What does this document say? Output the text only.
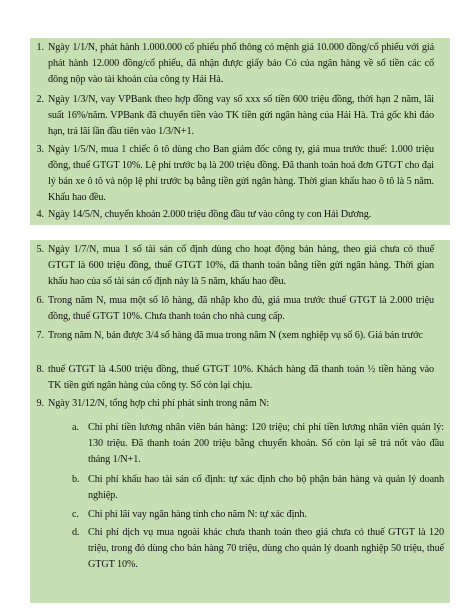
1. Ngày 1/1/N, phát hành 1.000.000 cổ phiếu phổ thông có mệnh giá 10.000 đồng/cổ phiếu với giá phát hành 12.000 đồng/cổ phiếu, đã nhận được giấy báo Có của ngân hàng về số tiền các cổ đông nộp vào tài khoản của công ty Hải Hà.
2. Ngày 1/3/N, vay VPBank theo hợp đồng vay số xxx số tiền 600 triệu đồng, thời hạn 2 năm, lãi suất 16%/năm. VPBank đã chuyển tiền vào TK tiền gửi ngân hàng của Hải Hà. Trả gốc khi đáo hạn, trả lãi lần đầu tiên vào 1/3/N+1.
3. Ngày 1/5/N, mua 1 chiếc ô tô dùng cho Ban giám đốc công ty, giá mua trước thuế: 1.000 triệu đồng, thuế GTGT 10%. Lệ phí trước bạ là 200 triệu đồng. Đã thanh toán hoá đơn GTGT cho đại lý bán xe ô tô và nộp lệ phí trước bạ bằng tiền gửi ngân hàng. Thời gian khấu hao ô tô là 5 năm. Khấu hao đều.
4. Ngày 14/5/N, chuyển khoản 2.000 triệu đồng đầu tư vào công ty con Hải Dương.
5. Ngày 1/7/N, mua 1 số tài sản cố định dùng cho hoạt động bán hàng, theo giá chưa có thuế GTGT là 600 triệu đồng, thuế GTGT 10%, đã thanh toán bằng tiền gửi ngân hàng. Thời gian khấu hao của số tài sản cố định này là 5 năm, khấu hao đều.
6. Trong năm N, mua một số lô hàng, đã nhập kho đủ, giá mua trước thuế GTGT là 2.000 triệu đồng, thuế GTGT 10%. Chưa thanh toán cho nhà cung cấp.
7. Trong năm N, bán được 3/4 số hàng đã mua trong năm N (xem nghiệp vụ số 6). Giá bán trước
8. thuế GTGT là 4.500 triệu đồng, thuế GTGT 10%. Khách hàng đã thanh toán ½ tiền hàng vào TK tiền gửi ngân hàng của công ty. Số còn lại chịu.
9. Ngày 31/12/N, tổng hợp chi phí phát sinh trong năm N:
a. Chi phí tiền lương nhân viên bán hàng: 120 triệu; chi phí tiền lương nhân viên quản lý: 130 triệu. Đã thanh toán 200 triệu bằng chuyển khoản. Số còn lại sẽ trả nốt vào đầu tháng 1/N+1.
b. Chi phí khấu hao tài sản cố định: tự xác định cho bộ phận bán hàng và quản lý doanh nghiệp.
c. Chi phí lãi vay ngân hàng tính cho năm N: tự xác định.
d. Chi phí dịch vụ mua ngoài khác chưa thanh toán theo giá chưa có thuế GTGT là 120 triệu, trong đó dùng cho bán hàng 70 triệu, dùng cho quản lý doanh nghiệp 50 triệu, thuế GTGT 10%.
